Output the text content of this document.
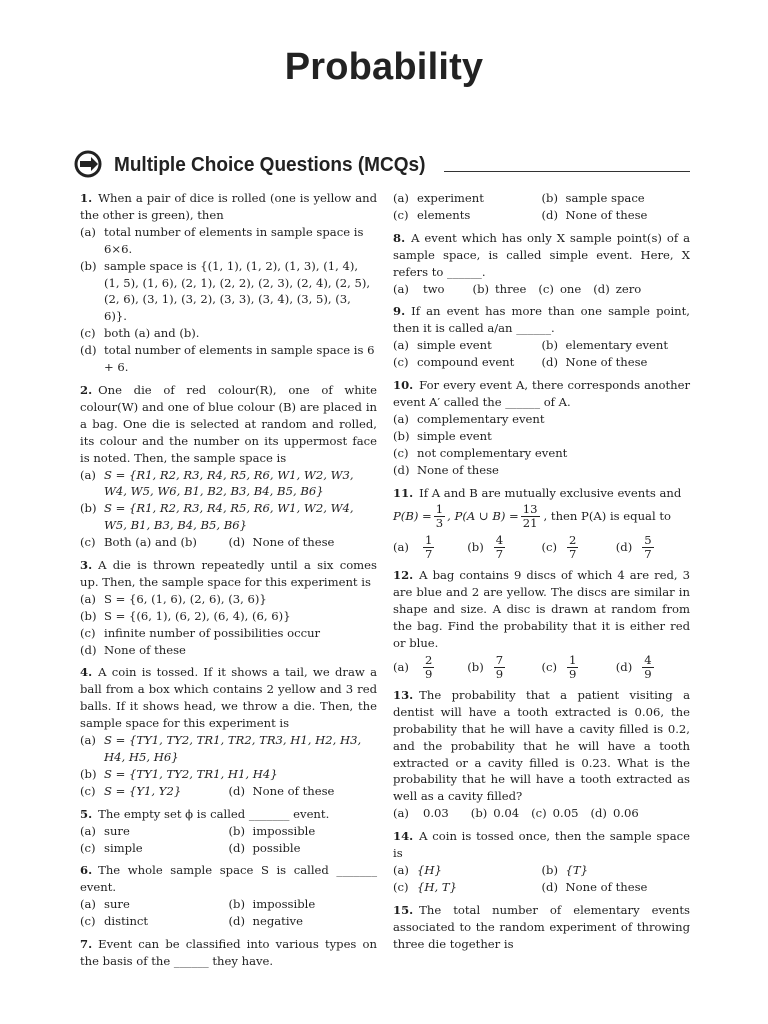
Probability
Multiple Choice Questions (MCQs)

1. When a pair of dice is rolled (one is yellow and the other is green), then

(a) total number of elements in sample space is 6×6.
(b) sample space is {(1, 1), (1, 2), (1, 3), (1, 4), (1, 5), (1, 6), (2, 1), (2, 2), (2, 3), (2, 4), (2, 5), (2, 6), (3, 1), (3, 2), (3, 3), (3, 4), (3, 5), (3, 6)}.
(c) both (a) and (b).
(d) total number of elements in sample space is 6 + 6.

2. One die of red colour(R), one of white colour(W) and one of blue colour (B) are placed in a bag. One die is selected at random and rolled, its colour and the number on its uppermost face is noted. Then, the sample space is

(a) S = {R1, R2, R3, R4, R5, R6, W1, W2, W3, W4, W5, W6, B1, B2, B3, B4, B5, B6}
(b) S = {R1, R2, R3, R4, R5, R6, W1, W2, W4, W5, B1, B3, B4, B5, B6}
(c) Both (a) and (b)	(d) None of these

3. A die is thrown repeatedly until a six comes up. Then, the sample space for this experiment is

(a) S = {6, (1, 6), (2, 6), (3, 6)}
(b) S = {(6, 1), (6, 2), (6, 4), (6, 6)}
(c) infinite number of possibilities occur
(d) None of these

4. A coin is tossed. If it shows a tail, we draw a ball from a box which contains 2 yellow and 3 red balls. If it shows head, we throw a die. Then, the sample space for this experiment is

(a) S = {TY1, TY2, TR1, TR2, TR3, H1, H2, H3, H4, H5, H6}
(b) S = {TY1, TY2, TR1, H1, H4}
(c) S = {Y1, Y2}	(d) None of these

5. The empty set ϕ is called _______ event.

(a) sure	(b) impossible
(c) simple	(d) possible

6. The whole sample space S is called _______ event.

(a) sure	(b) impossible
(c) distinct	(d) negative

7. Event can be classified into various types on the basis of the ______ they have.

(a) experiment	(b) sample space
(c) elements	(d) None of these

8. A event which has only X sample point(s) of a sample space, is called simple event. Here, X refers to ______.

(a)	two (b) three (c) one (d) zero

9. If an event has more than one sample point, then it is called a/an ______.

(a) simple event	(b) elementary event
(c) compound event (d) None of these

10. For every event A, there corresponds another event A′ called the ______ of A.

(a) complementary event
(b) simple event
(c) not complementary event
(d) None of these

11. If A and B are mutually exclusive events and

$P(B) = \frac{1}{3}$ , P(A ∪ $B) = \frac{13}{21}$ , then P(A) is equal to
$(a) \frac{1}{7}$	$(b) \frac{4}{7}$	$(c) \frac{2}{7}$	$(d) \frac{5}{7}$

12. A bag contains 9 discs of which 4 are red, 3 are blue and 2 are yellow. The discs are similar in shape and size. A disc is drawn at random from the bag. Find the probability that it is either red or blue.

$(a) \frac{2}{9}$	$(b) \frac{7}{9}$	$(c) \frac{1}{9}$	$(d) \frac{4}{9}$

13. The probability that a patient visiting a dentist will have a tooth extracted is 0.06, the probability that he will have a cavity filled is 0.2, and the probability that he will have a tooth extracted or a cavity filled is 0.23. What is the probability that he will have a tooth extracted as well as a cavity filled?

(a) 0.03 (b) 0.04 (c) 0.05 (d) 0.06

14. A coin is tossed once, then the sample space is

(a) {H}	(b) {T}
(c) {H, T}	(d) None of these

15. The total number of elementary events associated to the random experiment of throwing three die together is
